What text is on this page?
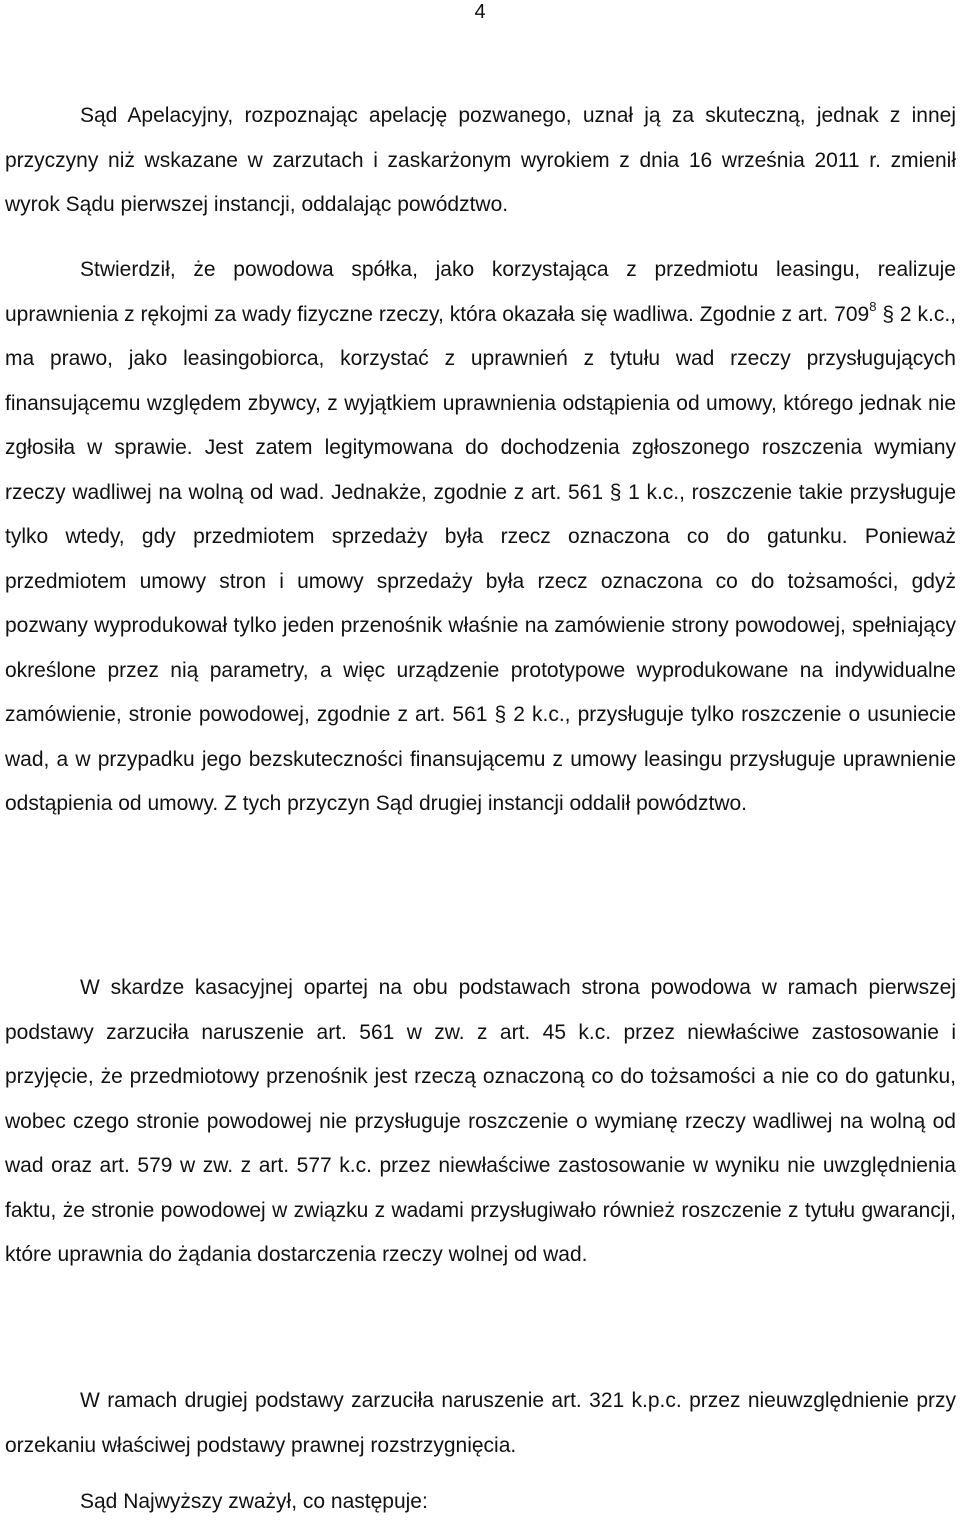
4

Sąd Apelacyjny, rozpoznając apelację pozwanego, uznał ją za skuteczną, jednak z innej przyczyny niż wskazane w zarzutach i zaskarżonym wyrokiem z dnia 16 września 2011 r. zmienił wyrok Sądu pierwszej instancji, oddalając powództwo.

Stwierdził, że powodowa spółka, jako korzystająca z przedmiotu leasingu, realizuje uprawnienia z rękojmi za wady fizyczne rzeczy, która okazała się wadliwa. Zgodnie z art. $709^8$ § 2 k.c., ma prawo, jako leasingobiorca, korzystać z uprawnień z tytułu wad rzeczy przysługujących finansującemu względem zbywcy, z wyjątkiem uprawnienia odstąpienia od umowy, którego jednak nie zgłosiła w sprawie. Jest zatem legitymowana do dochodzenia zgłoszonego roszczenia wymiany rzeczy wadliwej na wolną od wad. Jednakże, zgodnie z art. 561 § 1 k.c., roszczenie takie przysługuje tylko wtedy, gdy przedmiotem sprzedaży była rzecz oznaczona co do gatunku. Ponieważ przedmiotem umowy stron i umowy sprzedaży była rzecz oznaczona co do tożsamości, gdyż pozwany wyprodukował tylko jeden przenośnik właśnie na zamówienie strony powodowej, spełniający określone przez nią parametry, a więc urządzenie prototypowe wyprodukowane na indywidualne zamówienie, stronie powodowej, zgodnie z art. 561 § 2 k.c., przysługuje tylko roszczenie o usuniecie wad, a w przypadku jego bezskuteczności finansującemu z umowy leasingu przysługuje uprawnienie odstąpienia od umowy. Z tych przyczyn Sąd drugiej instancji oddalił powództwo.

W skardze kasacyjnej opartej na obu podstawach strona powodowa w ramach pierwszej podstawy zarzuciła naruszenie art. 561 w zw. z art. 45 k.c. przez niewłaściwe zastosowanie i przyjęcie, że przedmiotowy przenośnik jest rzeczą oznaczoną co do tożsamości a nie co do gatunku, wobec czego stronie powodowej nie przysługuje roszczenie o wymianę rzeczy wadliwej na wolną od wad oraz art. 579 w zw. z art. 577 k.c. przez niewłaściwe zastosowanie w wyniku nie uwzględnienia faktu, że stronie powodowej w związku z wadami przysługiwało również roszczenie z tytułu gwarancji, które uprawnia do żądania dostarczenia rzeczy wolnej od wad.

W ramach drugiej podstawy zarzuciła naruszenie art. 321 k.p.c. przez nieuwzględnienie przy orzekaniu właściwej podstawy prawnej rozstrzygnięcia.

Sąd Najwyższy zważył, co następuje:
